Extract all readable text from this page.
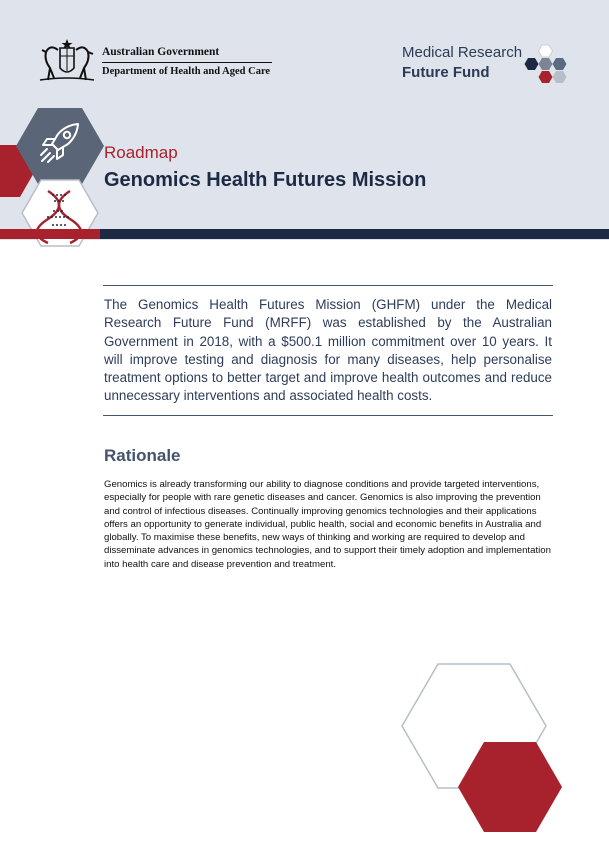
Australian Government
Department of Health and Aged Care
Medical Research
Future Fund
Roadmap
Genomics Health Futures Mission

The Genomics Health Futures Mission (GHFM) under the Medical Research Future Fund (MRFF) was established by the Australian Government in 2018, with a $500.1 million commitment over 10 years. It will improve testing and diagnosis for many diseases, help personalise treatment options to better target and improve health outcomes and reduce unnecessary interventions and associated health costs.

Rationale

Genomics is already transforming our ability to diagnose conditions and provide targeted interventions, especially for people with rare genetic diseases and cancer. Genomics is also improving the prevention and control of infectious diseases. Continually improving genomics technologies and their applications offers an opportunity to generate individual, public health, social and economic benefits in Australia and globally. To maximise these benefits, new ways of thinking and working are required to develop and disseminate advances in genomics technologies, and to support their timely adoption and implementation into health care and disease prevention and treatment.
